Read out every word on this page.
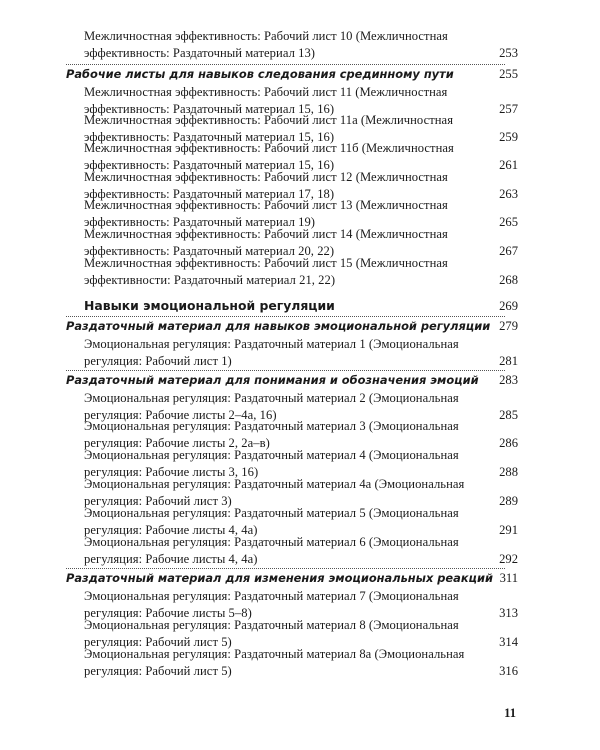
Межличностная эффективность: Рабочий лист 10 (Межличностная
эффективность: Раздаточный материал 13)	253
Рабочие листы для навыков следования срединному пути	255
Межличностная эффективность: Рабочий лист 11 (Межличностная
эффективность: Раздаточный материал 15, 16)	257
Межличностная эффективность: Рабочий лист 11а (Межличностная
эффективность: Раздаточный материал 15, 16)	259
Межличностная эффективность: Рабочий лист 11б (Межличностная
эффективность: Раздаточный материал 15, 16)	261
Межличностная эффективность: Рабочий лист 12 (Межличностная
эффективность: Раздаточный материал 17, 18)	263
Межличностная эффективность: Рабочий лист 13 (Межличностная
эффективность: Раздаточный материал 19)	265
Межличностная эффективность: Рабочий лист 14 (Межличностная
эффективность: Раздаточный материал 20, 22)	267
Межличностная эффективность: Рабочий лист 15 (Межличностная
эффективности: Раздаточный материал 21, 22)	268
Навыки эмоциональной регуляции	269
Раздаточный материал для навыков эмоциональной регуляции 279
Эмоциональная регуляция: Раздаточный материал 1 (Эмоциональная
регуляция: Рабочий лист 1)	281
Раздаточный материал для понимания и обозначения эмоций 283
Эмоциональная регуляция: Раздаточный материал 2 (Эмоциональная
регуляция: Рабочие листы 2–4а, 16)	285
Эмоциональная регуляция: Раздаточный материал 3 (Эмоциональная
регуляция: Рабочие листы 2, 2а–в)	286
Эмоциональная регуляция: Раздаточный материал 4 (Эмоциональная
регуляция: Рабочие листы 3, 16)	288
Эмоциональная регуляция: Раздаточный материал 4а (Эмоциональная
регуляция: Рабочий лист 3)	289
Эмоциональная регуляция: Раздаточный материал 5 (Эмоциональная
регуляция: Рабочие листы 4, 4а)	291
Эмоциональная регуляция: Раздаточный материал 6 (Эмоциональная
регуляция: Рабочие листы 4, 4а)	292
Раздаточный материал для изменения эмоциональных реакций 311
Эмоциональная регуляция: Раздаточный материал 7 (Эмоциональная
регуляция: Рабочие листы 5–8)	313
Эмоциональная регуляция: Раздаточный материал 8 (Эмоциональная
регуляция: Рабочий лист 5)	314
Эмоциональная регуляция: Раздаточный материал 8а (Эмоциональная
регуляция: Рабочий лист 5)	316
11
